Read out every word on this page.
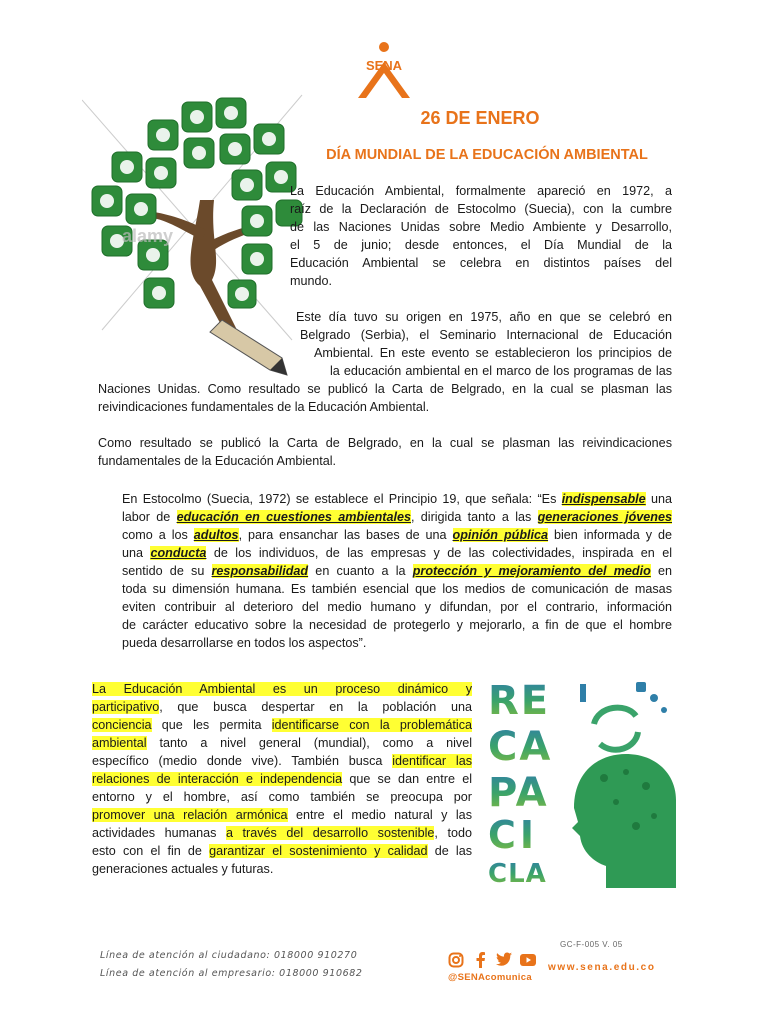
SENA
26 DE ENERO
DÍA MUNDIAL DE LA EDUCACIÓN AMBIENTAL
alamy
La Educación Ambiental, formalmente apareció en 1972, a
raíz de la Declaración de Estocolmo (Suecia), con la cumbre
de las Naciones Unidas sobre Medio Ambiente y Desarrollo,
el 5 de junio; desde entonces, el Día Mundial de la
Educación Ambiental se celebra en distintos países del
mundo.
Este día tuvo su origen en 1975, año en que se celebró en
Belgrado (Serbia), el Seminario Internacional de Educación
Ambiental. En este evento se establecieron los principios de
la educación ambiental en el marco de los programas de las
Naciones Unidas. Como resultado se publicó la Carta de Belgrado, en la cual se plasman las
reivindicaciones fundamentales de la Educación Ambiental.
Como resultado se publicó la Carta de Belgrado, en la cual se plasman las reivindicaciones
fundamentales de la Educación Ambiental.
En Estocolmo (Suecia, 1972) se establece el Principio 19, que señala: “Es indispensable una
labor de educación en cuestiones ambientales, dirigida tanto a las generaciones jóvenes
como a los adultos, para ensanchar las bases de una opinión pública bien informada y de
una conducta de los individuos, de las empresas y de las colectividades, inspirada en el
sentido de su responsabilidad en cuanto a la protección y mejoramiento del medio en
toda su dimensión humana. Es también esencial que los medios de comunicación de masas
eviten contribuir al deterioro del medio humano y difundan, por el contrario, información
de carácter educativo sobre la necesidad de protegerlo y mejorarlo, a fin de que el hombre
pueda desarrollarse en todos los aspectos”.
La Educación Ambiental es un proceso dinámico y
participativo, que busca despertar en la población una
conciencia que les permita identificarse con la problemática
ambiental tanto a nivel general (mundial), como a nivel
específico (medio donde vive). También busca identificar las
relaciones de interacción e independencia que se dan entre el
entorno y el hombre, así como también se preocupa por
promover una relación armónica entre el medio natural y las
actividades humanas a través del desarrollo sostenible, todo
esto con el fin de garantizar el sostenimiento y calidad de las
generaciones actuales y futuras.
RE
CA
PA
CI
CLA
GC-F-005 V. 05
Línea de atención al ciudadano: 018000 910270
Línea de atención al empresario: 018000 910682	@SENAcomunica
www.sena.edu.co
